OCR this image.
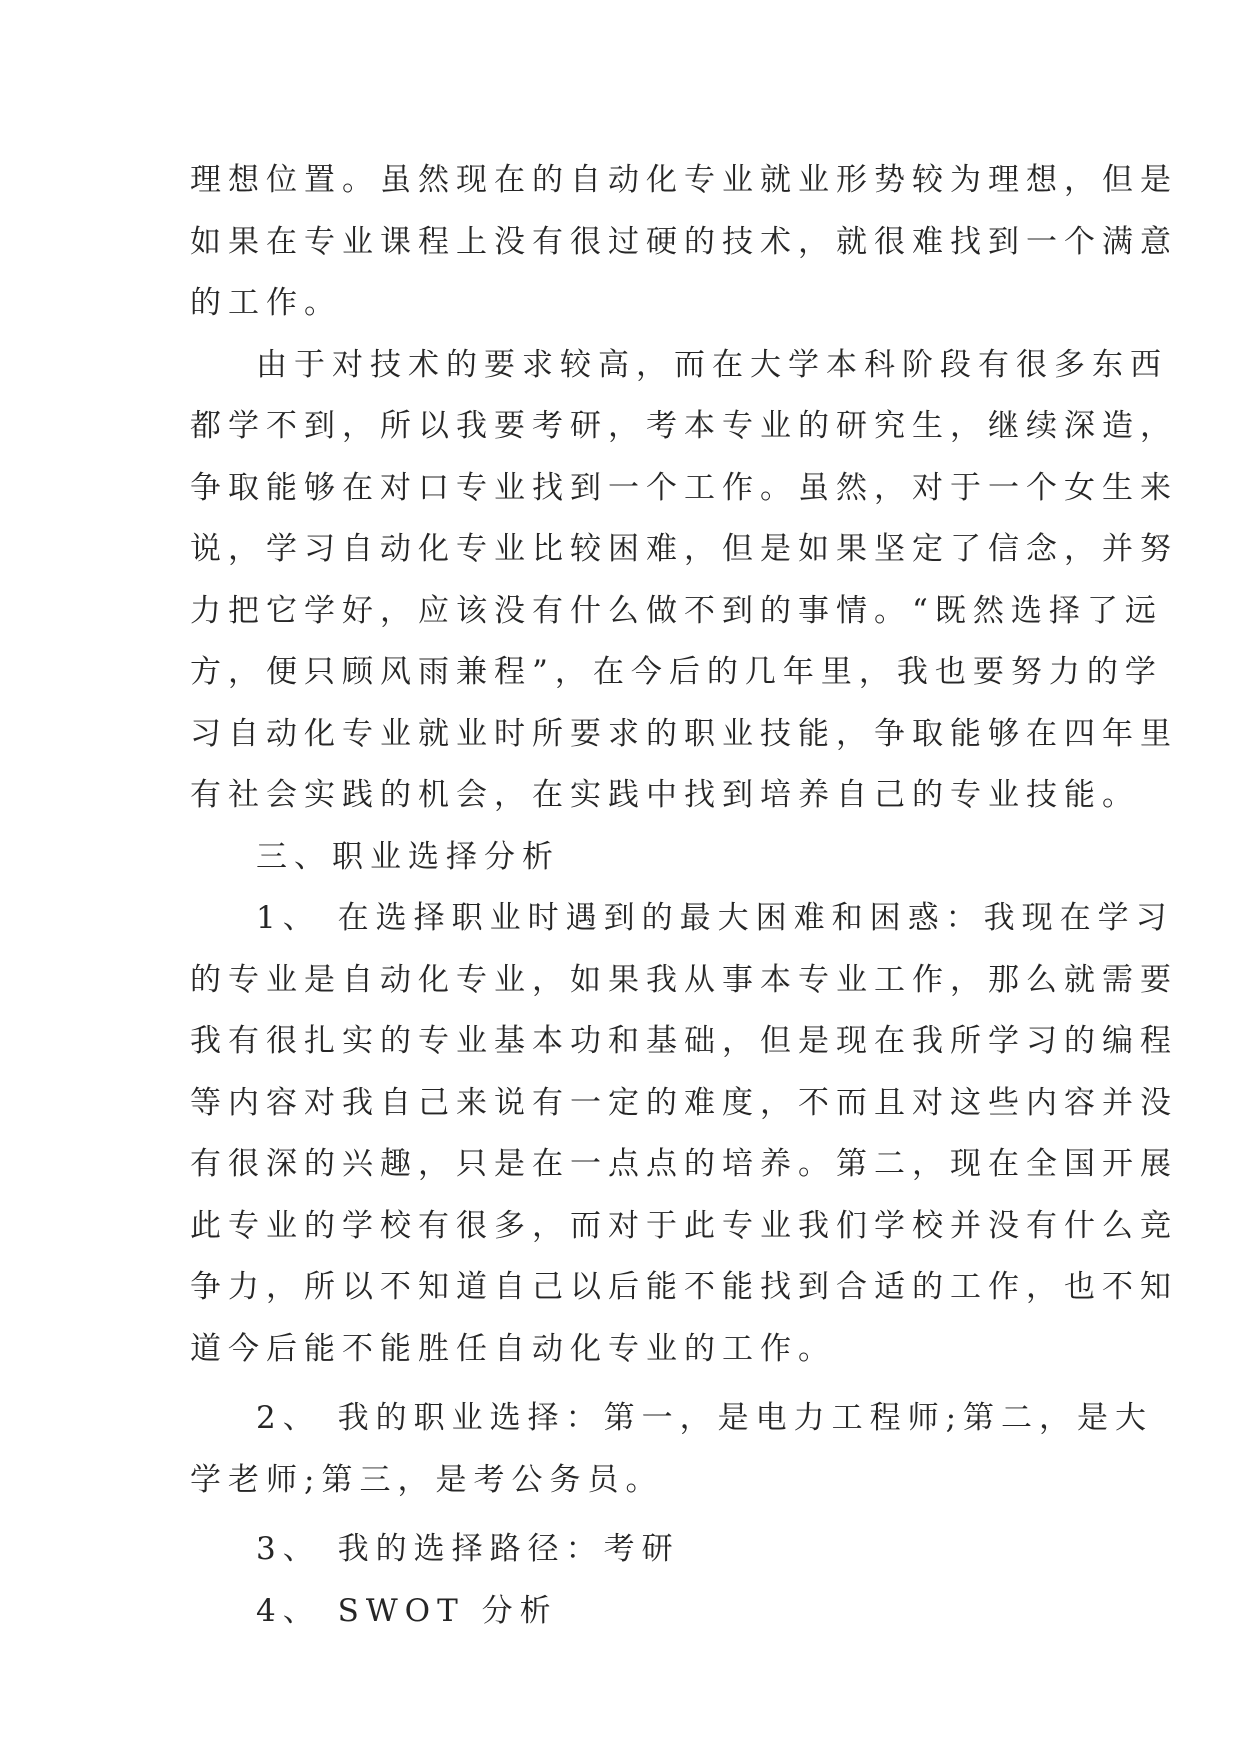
理想位置。虽然现在的自动化专业就业形势较为理想，但是
如果在专业课程上没有很过硬的技术，就很难找到一个满意
的工作。
由于对技术的要求较高，而在大学本科阶段有很多东西
都学不到，所以我要考研，考本专业的研究生，继续深造，
争取能够在对口专业找到一个工作。虽然，对于一个女生来
说，学习自动化专业比较困难，但是如果坚定了信念，并努
力把它学好，应该没有什么做不到的事情。“既然选择了远
方，便只顾风雨兼程”，在今后的几年里，我也要努力的学
习自动化专业就业时所要求的职业技能，争取能够在四年里
有社会实践的机会，在实践中找到培养自己的专业技能。
三、职业选择分析
1、 在选择职业时遇到的最大困难和困惑：我现在学习
的专业是自动化专业，如果我从事本专业工作，那么就需要
我有很扎实的专业基本功和基础，但是现在我所学习的编程
等内容对我自己来说有一定的难度，不而且对这些内容并没
有很深的兴趣，只是在一点点的培养。第二，现在全国开展
此专业的学校有很多，而对于此专业我们学校并没有什么竞
争力，所以不知道自己以后能不能找到合适的工作，也不知
道今后能不能胜任自动化专业的工作。
2、 我的职业选择：第一，是电力工程师;第二，是大
学老师;第三，是考公务员。
3、 我的选择路径：考研
4、 SWOT 分析
